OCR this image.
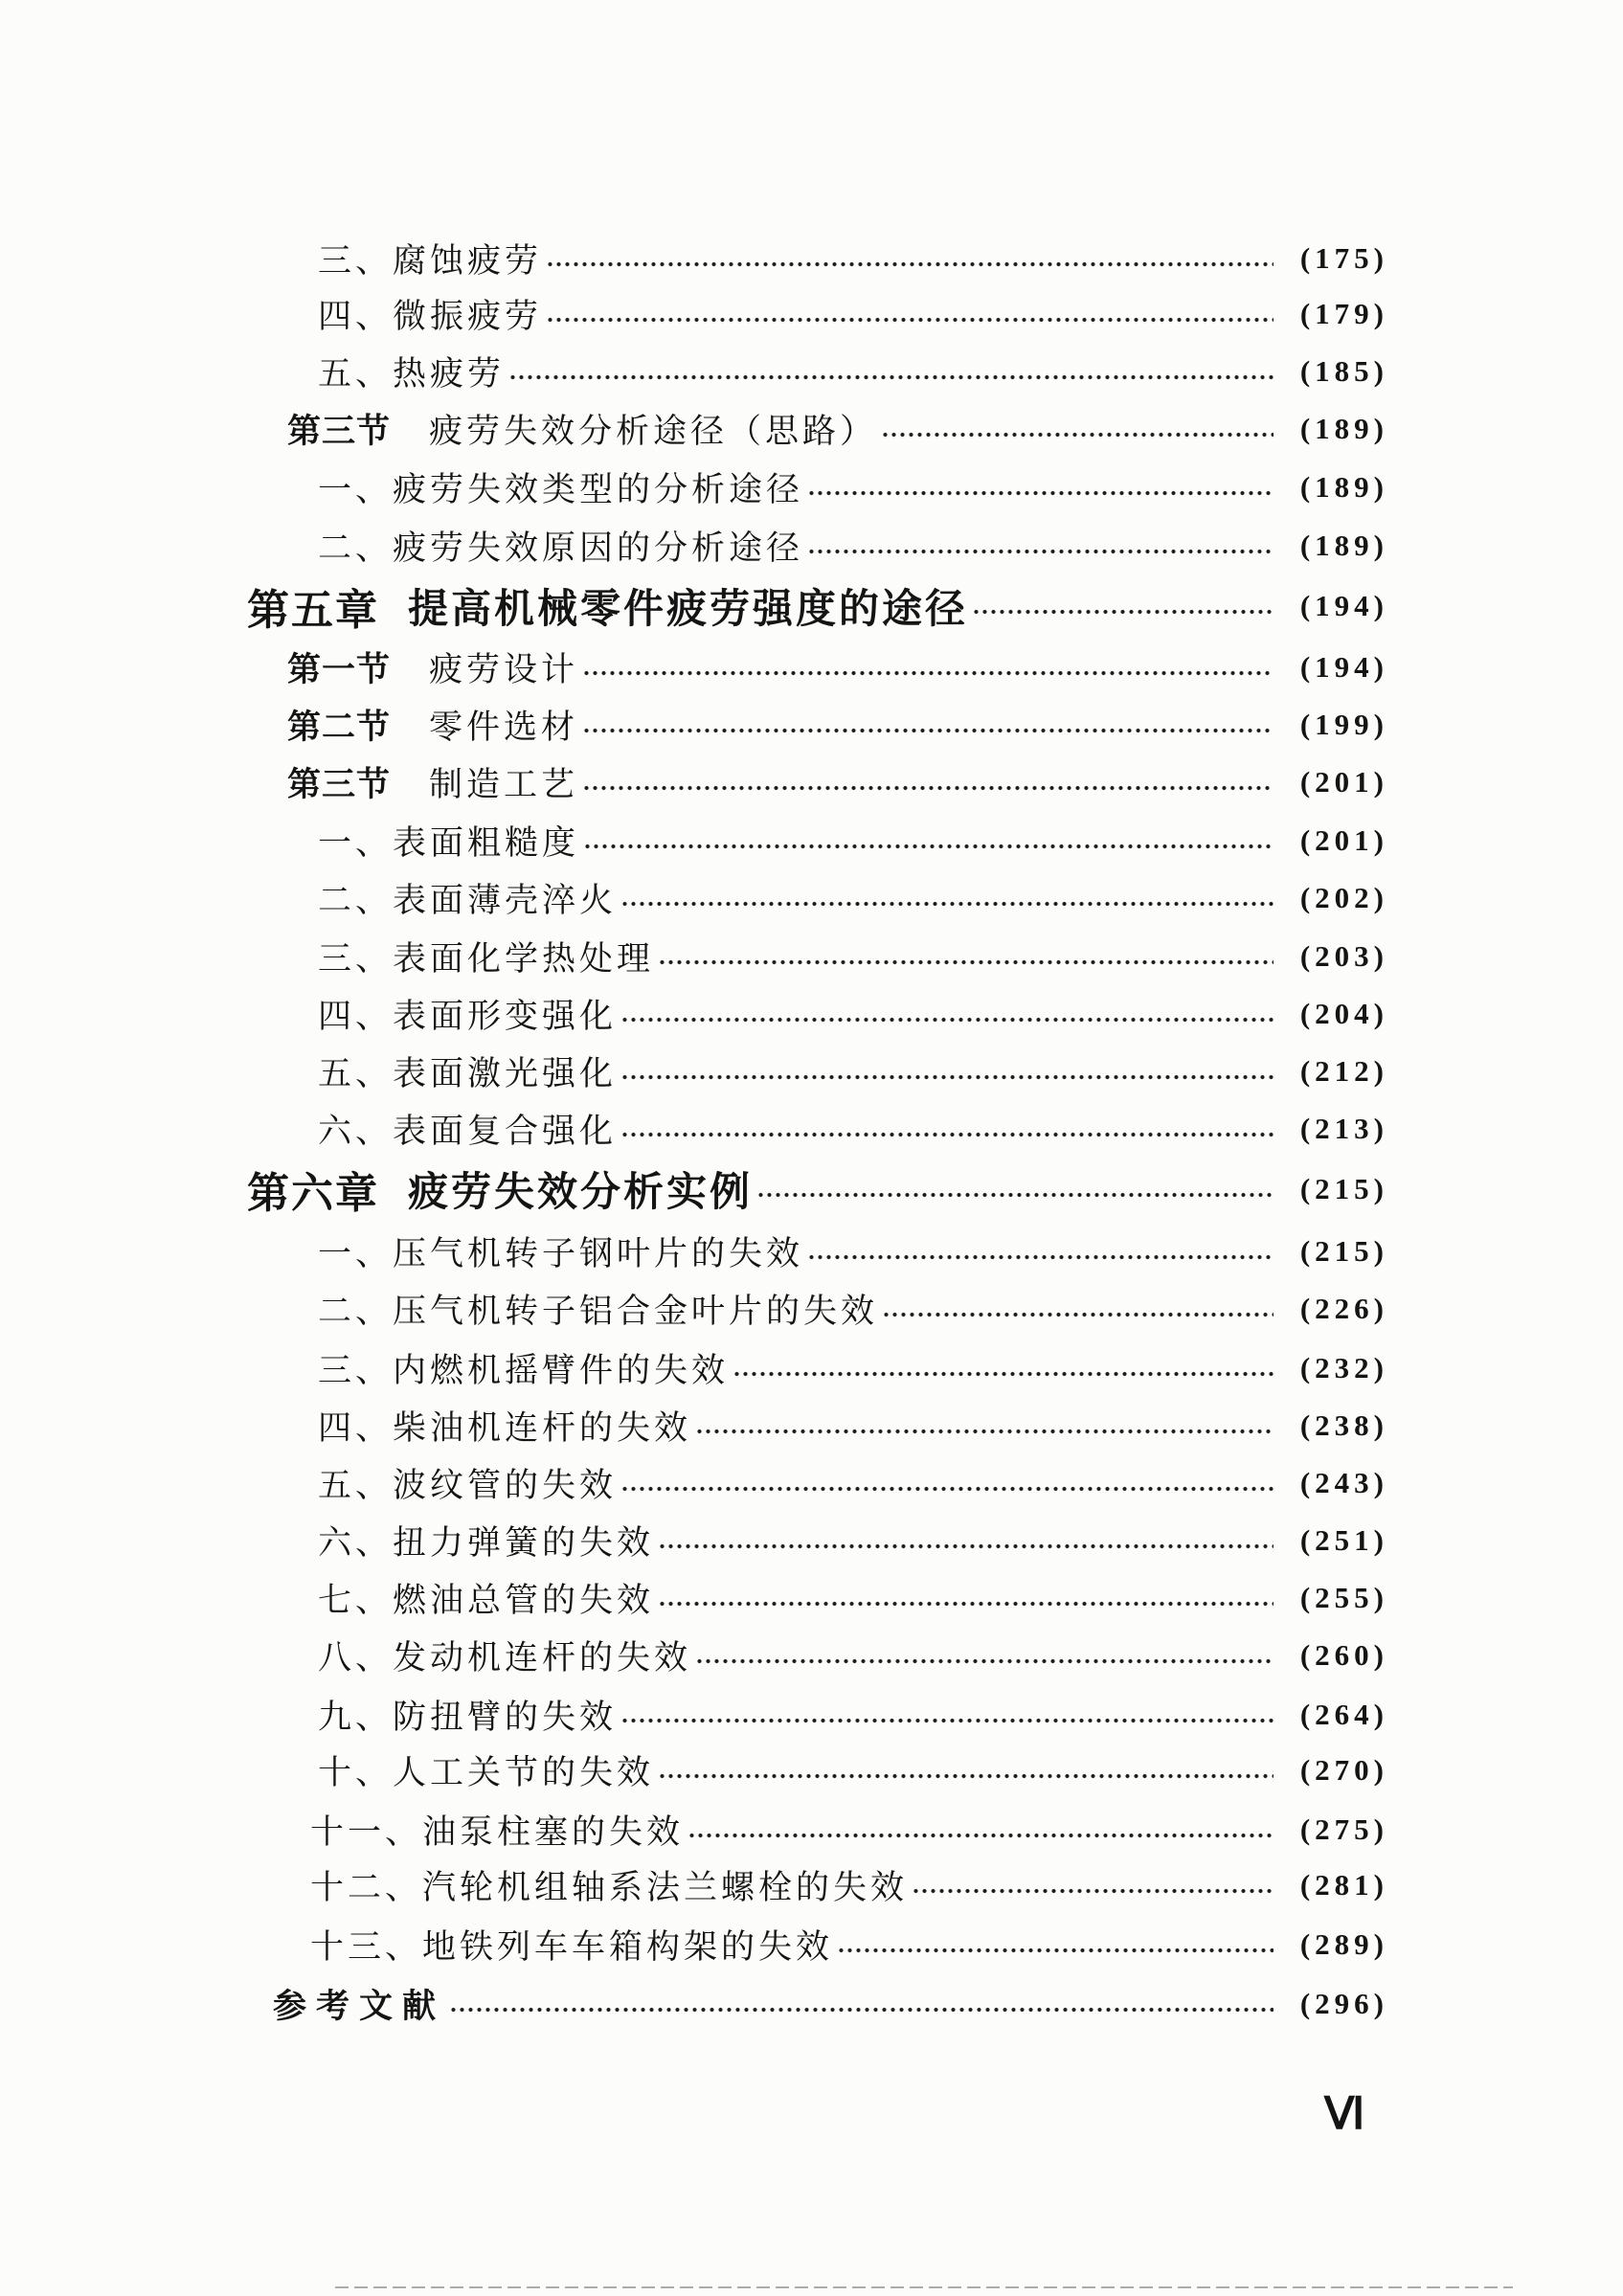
三、腐蚀疲劳	(175)
四、微振疲劳	(179)
五、热疲劳	(185)
第三节 疲劳失效分析途径（思路）	(189)
一、疲劳失效类型的分析途径	(189)
二、疲劳失效原因的分析途径	(189)
第五章 提高机械零件疲劳强度的途径	(194)
第一节 疲劳设计	(194)
第二节 零件选材	(199)
第三节 制造工艺	(201)
一、表面粗糙度	(201)
二、表面薄壳淬火	(202)
三、表面化学热处理	(203)
四、表面形变强化	(204)
五、表面激光强化	(212)
六、表面复合强化	(213)
第六章 疲劳失效分析实例	(215)
一、压气机转子钢叶片的失效	(215)
二、压气机转子铝合金叶片的失效	(226)
三、内燃机摇臂件的失效	(232)
四、柴油机连杆的失效	(238)
五、波纹管的失效	(243)
六、扭力弹簧的失效	(251)
七、燃油总管的失效	(255)
八、发动机连杆的失效	(260)
九、防扭臂的失效	(264)
十、人工关节的失效	(270)
十一、油泵柱塞的失效	(275)
十二、汽轮机组轴系法兰螺栓的失效	(281)
十三、地铁列车车箱构架的失效	(289)
参考文献	(296)
Ⅵ
